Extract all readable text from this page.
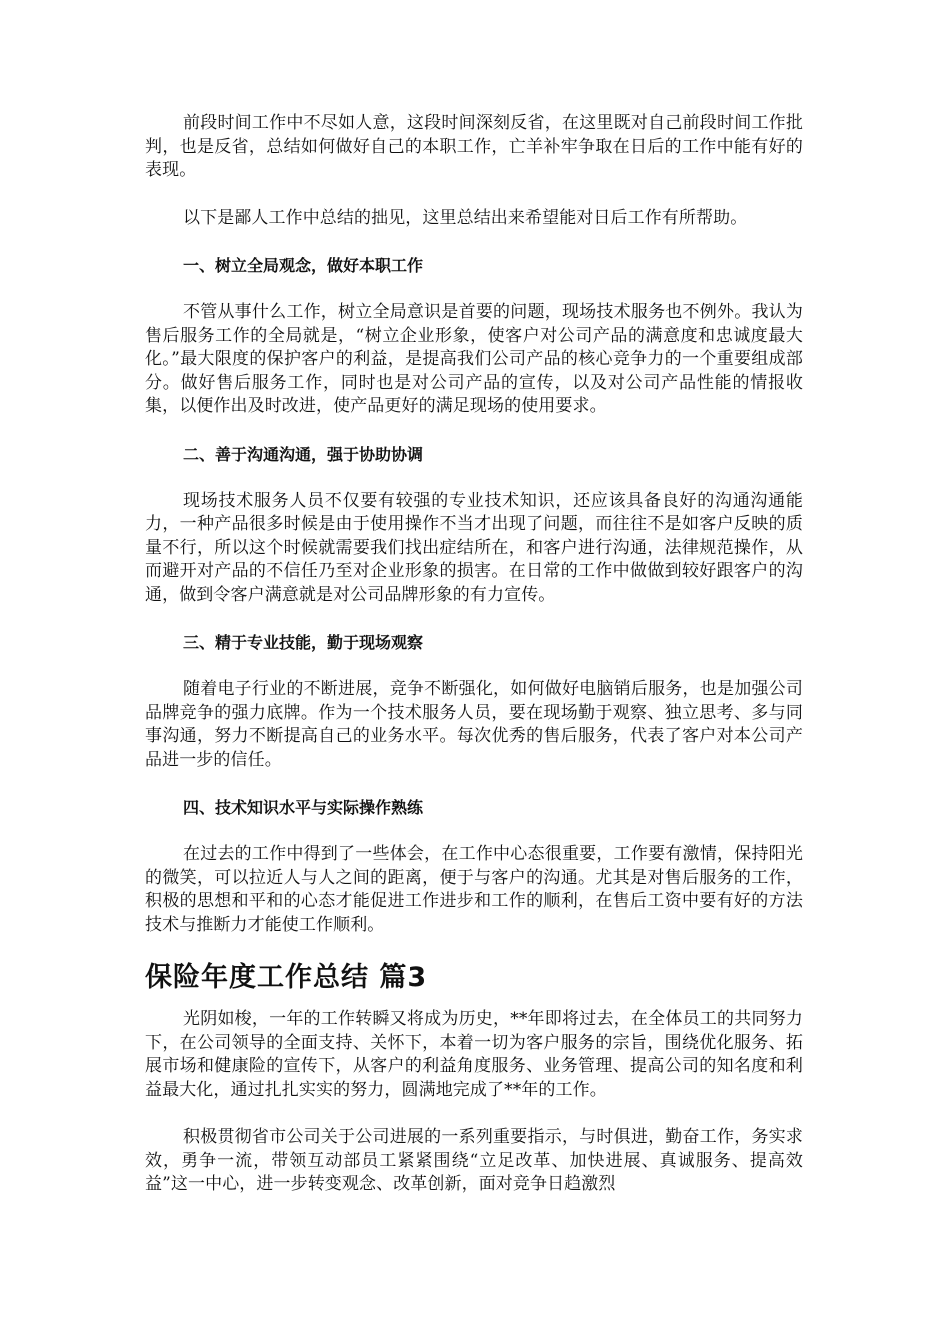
前段时间工作中不尽如人意，这段时间深刻反省，在这里既对自己前段时间工作批判，也是反省，总结如何做好自己的本职工作，亡羊补牢争取在日后的工作中能有好的表现。

以下是鄙人工作中总结的拙见，这里总结出来希望能对日后工作有所帮助。

一、树立全局观念，做好本职工作

不管从事什么工作，树立全局意识是首要的问题，现场技术服务也不例外。我认为售后服务工作的全局就是，“树立企业形象，使客户对公司产品的满意度和忠诚度最大化。”最大限度的保护客户的利益，是提高我们公司产品的核心竞争力的一个重要组成部分。做好售后服务工作，同时也是对公司产品的宣传，以及对公司产品性能的情报收集，以便作出及时改进，使产品更好的满足现场的使用要求。

二、善于沟通沟通，强于协助协调

现场技术服务人员不仅要有较强的专业技术知识，还应该具备良好的沟通沟通能力，一种产品很多时候是由于使用操作不当才出现了问题，而往往不是如客户反映的质量不行，所以这个时候就需要我们找出症结所在，和客户进行沟通，法律规范操作，从而避开对产品的不信任乃至对企业形象的损害。在日常的工作中做做到较好跟客户的沟通，做到令客户满意就是对公司品牌形象的有力宣传。

三、精于专业技能，勤于现场观察

随着电子行业的不断进展，竞争不断强化，如何做好电脑销后服务，也是加强公司品牌竞争的强力底牌。作为一个技术服务人员，要在现场勤于观察、独立思考、多与同事沟通，努力不断提高自己的业务水平。每次优秀的售后服务，代表了客户对本公司产品进一步的信任。

四、技术知识水平与实际操作熟练

在过去的工作中得到了一些体会，在工作中心态很重要，工作要有激情，保持阳光的微笑，可以拉近人与人之间的距离，便于与客户的沟通。尤其是对售后服务的工作，积极的思想和平和的心态才能促进工作进步和工作的顺利，在售后工资中要有好的方法技术与推断力才能使工作顺利。

保险年度工作总结 篇3

光阴如梭，一年的工作转瞬又将成为历史，**年即将过去，在全体员工的共同努力下，在公司领导的全面支持、关怀下，本着一切为客户服务的宗旨，围绕优化服务、拓展市场和健康险的宣传下，从客户的利益角度服务、业务管理、提高公司的知名度和利益最大化，通过扎扎实实的努力，圆满地完成了**年的工作。

积极贯彻省市公司关于公司进展的一系列重要指示，与时俱进，勤奋工作，务实求效，勇争一流，带领互动部员工紧紧围绕“立足改革、加快进展、真诚服务、提高效益”这一中心，进一步转变观念、改革创新，面对竞争日趋激烈
